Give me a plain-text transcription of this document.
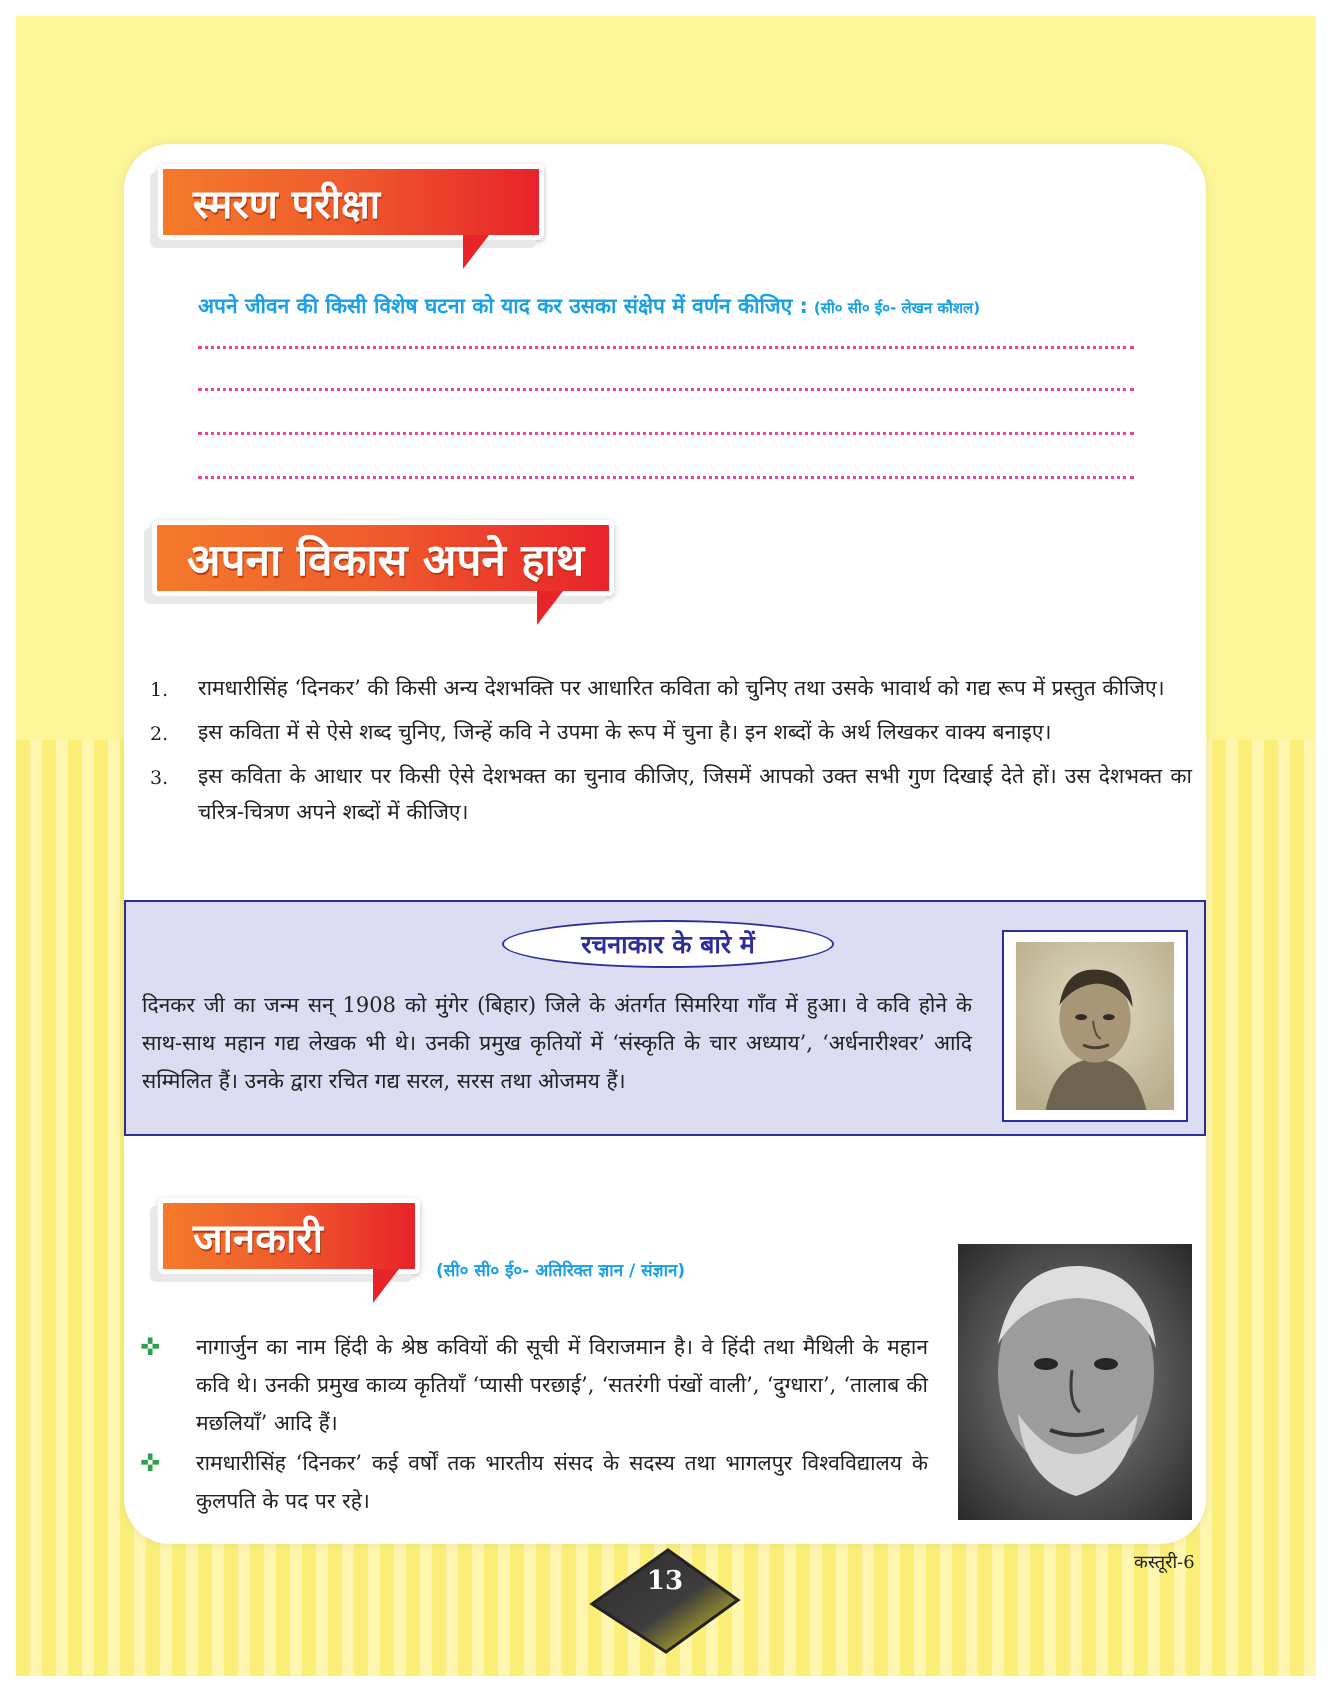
स्मरण परीक्षा
अपने जीवन की किसी विशेष घटना को याद कर उसका संक्षेप में वर्णन कीजिए : (सी० सी० ई०- लेखन कौशल)
अपना विकास अपने हाथ
1.	रामधारीसिंह ‘दिनकर’ की किसी अन्य देशभक्ति पर आधारित कविता को चुनिए तथा उसके भावार्थ को गद्य रूप में प्रस्तुत कीजिए।
2.	इस कविता में से ऐसे शब्द चुनिए, जिन्हें कवि ने उपमा के रूप में चुना है। इन शब्दों के अर्थ लिखकर वाक्य बनाइए।
3.	इस कविता के आधार पर किसी ऐसे देशभक्त का चुनाव कीजिए, जिसमें आपको उक्त सभी गुण दिखाई देते हों। उस देशभक्त का चरित्र-चित्रण अपने शब्दों में कीजिए।
रचनाकार के बारे में
दिनकर जी का जन्म सन् 1908 को मुंगेर (बिहार) जिले के अंतर्गत सिमरिया गाँव में हुआ। वे कवि होने के साथ-साथ महान गद्य लेखक भी थे। उनकी प्रमुख कृतियों में ‘संस्कृति के चार अध्याय’, ‘अर्धनारीश्वर’ आदि सम्मिलित हैं। उनके द्वारा रचित गद्य सरल, सरस तथा ओजमय हैं।
जानकारी
(सी० सी० ई०- अतिरिक्त ज्ञान / संज्ञान)
✜	नागार्जुन का नाम हिंदी के श्रेष्ठ कवियों की सूची में विराजमान है। वे हिंदी तथा मैथिली के महान कवि थे। उनकी प्रमुख काव्य कृतियाँ ‘प्यासी परछाई’, ‘सतरंगी पंखों वाली’, ‘दुग्धारा’, ‘तालाब की मछलियाँ’ आदि हैं।
✜	रामधारीसिंह ‘दिनकर’ कई वर्षों तक भारतीय संसद के सदस्य तथा भागलपुर विश्वविद्यालय के कुलपति के पद पर रहे।
13
कस्तूरी-6
